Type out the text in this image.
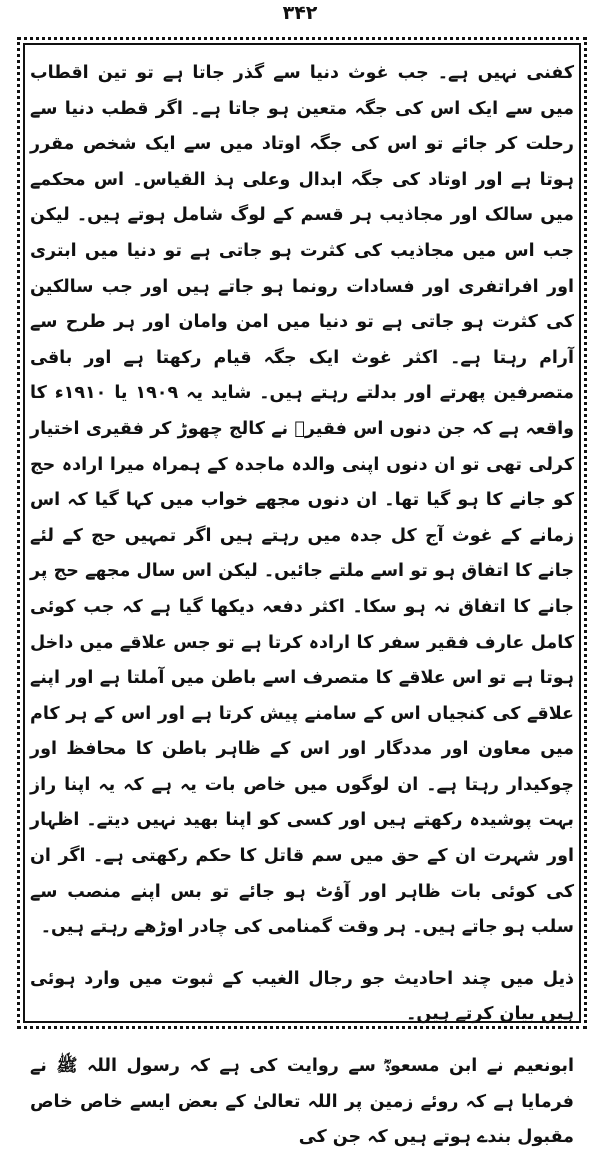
۳۴۲

کفنی نہیں ہے۔ جب غوث دنیا سے گذر جاتا ہے تو تین اقطاب میں سے ایک اس کی جگہ متعین ہو جاتا ہے۔ اگر قطب دنیا سے رحلت کر جائے تو اس کی جگہ اوتاد میں سے ایک شخص مقرر ہوتا ہے اور اوتاد کی جگہ ابدال وعلی ہذ القیاس۔ اس محکمے میں سالک اور مجاذیب ہر قسم کے لوگ شامل ہوتے ہیں۔ لیکن جب اس میں مجاذیب کی کثرت ہو جاتی ہے تو دنیا میں ابتری اور افراتفری اور فسادات رونما ہو جاتے ہیں اور جب سالکین کی کثرت ہو جاتی ہے تو دنیا میں امن وامان اور ہر طرح سے آرام رہتا ہے۔ اکثر غوث ایک جگہ قیام رکھتا ہے اور باقی متصرفین پھرتے اور بدلتے رہتے ہیں۔ شاید یہ ۱۹۰۹ یا ۱۹۱۰ء کا واقعہ ہے کہ جن دنوں اس فقیرؒ نے کالج چھوڑ کر فقیری اختیار کرلی تھی تو ان دنوں اپنی والدہ ماجدہ کے ہمراہ میرا ارادہ حج کو جانے کا ہو گیا تھا۔ ان دنوں مجھے خواب میں کہا گیا کہ اس زمانے کے غوث آج کل جدہ میں رہتے ہیں اگر تمہیں حج کے لئے جانے کا اتفاق ہو تو اسے ملتے جائیں۔ لیکن اس سال مجھے حج پر جانے کا اتفاق نہ ہو سکا۔ اکثر دفعہ دیکھا گیا ہے کہ جب کوئی کامل عارف فقیر سفر کا ارادہ کرتا ہے تو جس علاقے میں داخل ہوتا ہے تو اس علاقے کا متصرف اسے باطن میں آملتا ہے اور اپنے علاقے کی کنجیاں اس کے سامنے پیش کرتا ہے اور اس کے ہر کام میں معاون اور مددگار اور اس کے ظاہر باطن کا محافظ اور چوکیدار رہتا ہے۔ ان لوگوں میں خاص بات یہ ہے کہ یہ اپنا راز بہت پوشیدہ رکھتے ہیں اور کسی کو اپنا بھید نہیں دیتے۔ اظہار اور شہرت ان کے حق میں سم قاتل کا حکم رکھتی ہے۔ اگر ان کی کوئی بات ظاہر اور آؤٹ ہو جائے تو بس اپنے منصب سے سلب ہو جاتے ہیں۔ ہر وقت گمنامی کی چادر اوڑھے رہتے ہیں۔

ذیل میں چند احادیث جو رجال الغیب کے ثبوت میں وارد ہوئی ہیں بیان کرتے ہیں۔

ابونعیم نے ابن مسعودؓ سے روایت کی ہے کہ رسول اللہ ﷺ نے فرمایا ہے کہ روئے زمین پر اللہ تعالیٰ کے بعض ایسے خاص خاص مقبول بندے ہوتے ہیں کہ جن کی
